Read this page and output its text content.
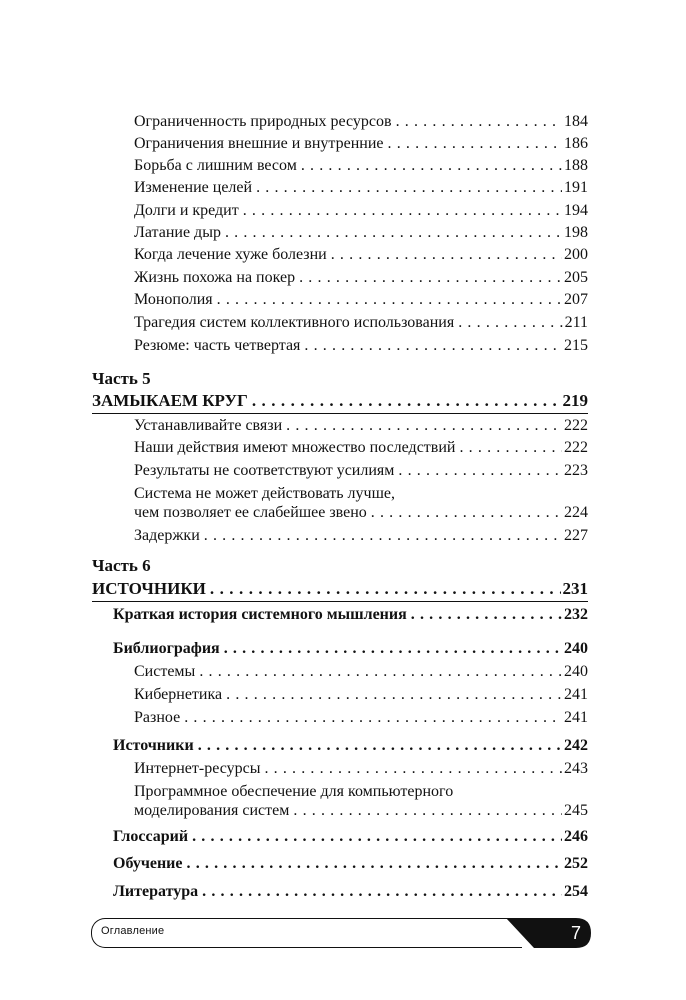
Ограниченность природных ресурсов . . .	184
Ограничения внешние и внутренние . . .	186
Борьба с лишним весом . . .	188
Изменение целей . . .	191
Долги и кредит . . .	194
Латание дыр . . .	198
Когда лечение хуже болезни . . .	200
Жизнь похожа на покер . . .	205
Монополия . . .	207
Трагедия систем коллективного использования . . .	211
Резюме: часть четвертая . . .	215
Часть 5
ЗАМЫКАЕМ КРУГ . . .	219
Устанавливайте связи . . .	222
Наши действия имеют множество последствий . . .	222
Результаты не соответствуют усилиям . . .	223
Система не может действовать лучше,
чем позволяет ее слабейшее звено . . .	224
Задержки . . .	227
Часть 6
ИСТОЧНИКИ . . .	231
Краткая история системного мышления . . .	232
Библиография . . .	240
Системы . . .	240
Кибернетика . . .	241
Разное . . .	241
Источники . . .	242
Интернет-ресурсы . . .	243
Программное обеспечение для компьютерного
моделирования систем . . .	245
Глоссарий . . .	246
Обучение . . .	252
Литература . . .	254
Оглавление	7
